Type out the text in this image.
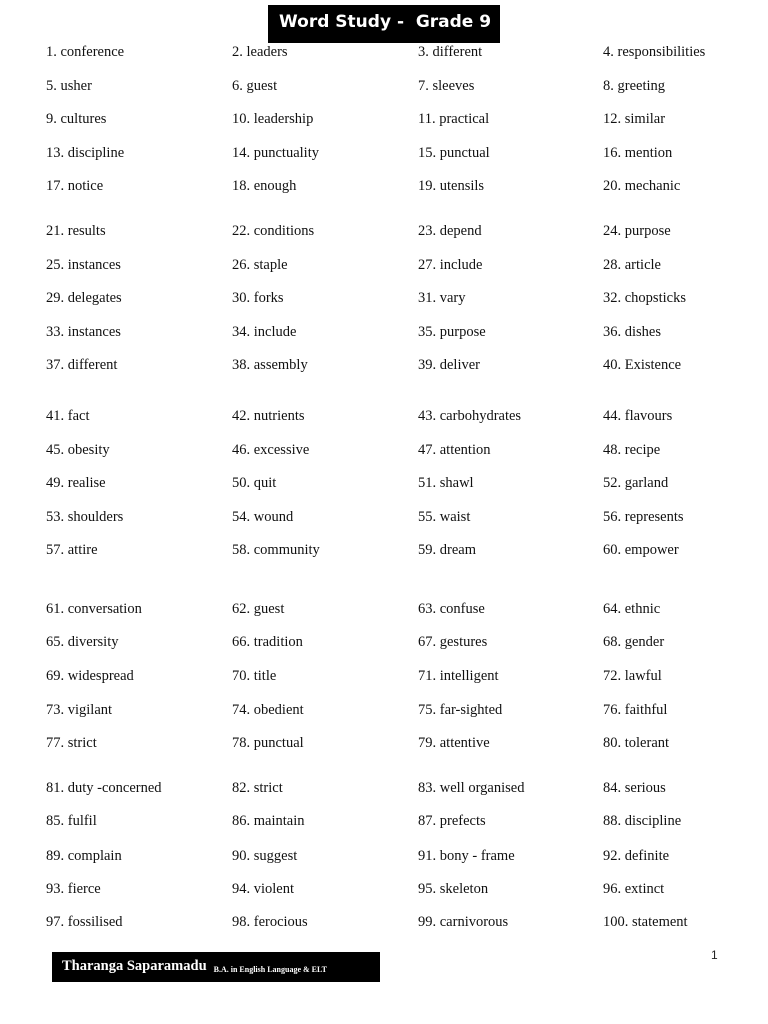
Word Study -  Grade 9
1. conference	2. leaders	3. different	4. responsibilities
5. usher	6. guest	7. sleeves	8. greeting
9. cultures	10. leadership	11. practical	12. similar
13. discipline	14. punctuality	15. punctual	16. mention
17. notice	18. enough	19. utensils	20. mechanic
21. results	22. conditions	23. depend	24. purpose
25. instances	26. staple	27. include	28. article
29. delegates	30. forks	31. vary	32. chopsticks
33. instances	34. include	35. purpose	36. dishes
37. different	38. assembly	39. deliver	40. Existence
41. fact	42. nutrients	43. carbohydrates	44. flavours
45. obesity	46. excessive	47. attention	48. recipe
49. realise	50. quit	51. shawl	52. garland
53. shoulders	54. wound	55. waist	56. represents
57. attire	58. community	59. dream	60. empower
61. conversation	62. guest	63. confuse	64. ethnic
65. diversity	66. tradition	67. gestures	68. gender
69. widespread	70. title	71. intelligent	72. lawful
73. vigilant	74. obedient	75. far-sighted	76. faithful
77. strict	78. punctual	79. attentive	80. tolerant
81. duty -concerned	82. strict	83. well organised	84. serious
85. fulfil	86. maintain	87. prefects	88. discipline
89. complain	90. suggest	91. bony - frame	92. definite
93. fierce	94. violent	95. skeleton	96. extinct
97. fossilised	98. ferocious	99. carnivorous	100. statement
1
Tharanga Saparamadu B.A. in English Language & ELT
